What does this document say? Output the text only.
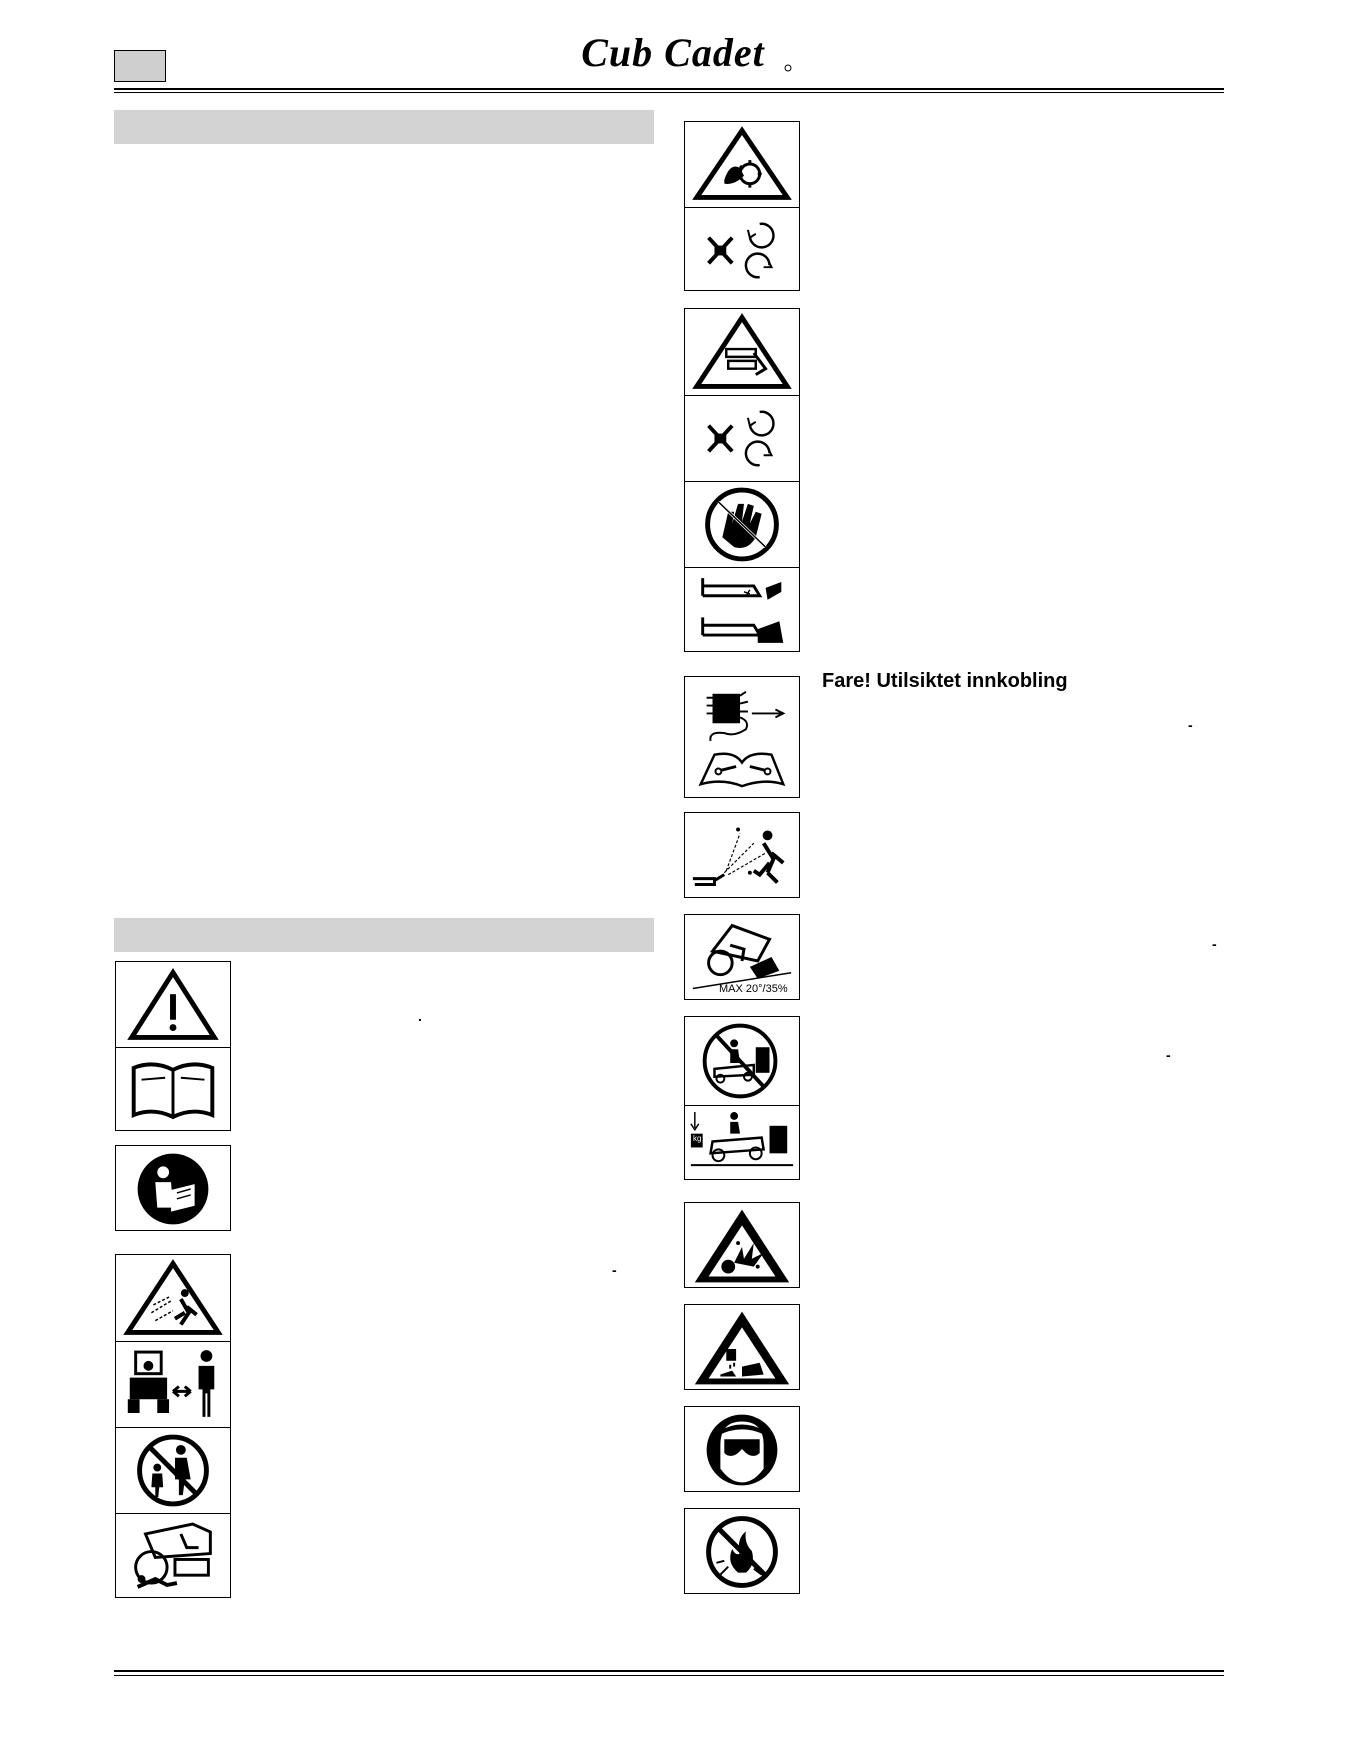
Cub Cadet
.
-
Fare! Utilsiktet innkobling
-
MAX 20°/35%
-
kg
-
